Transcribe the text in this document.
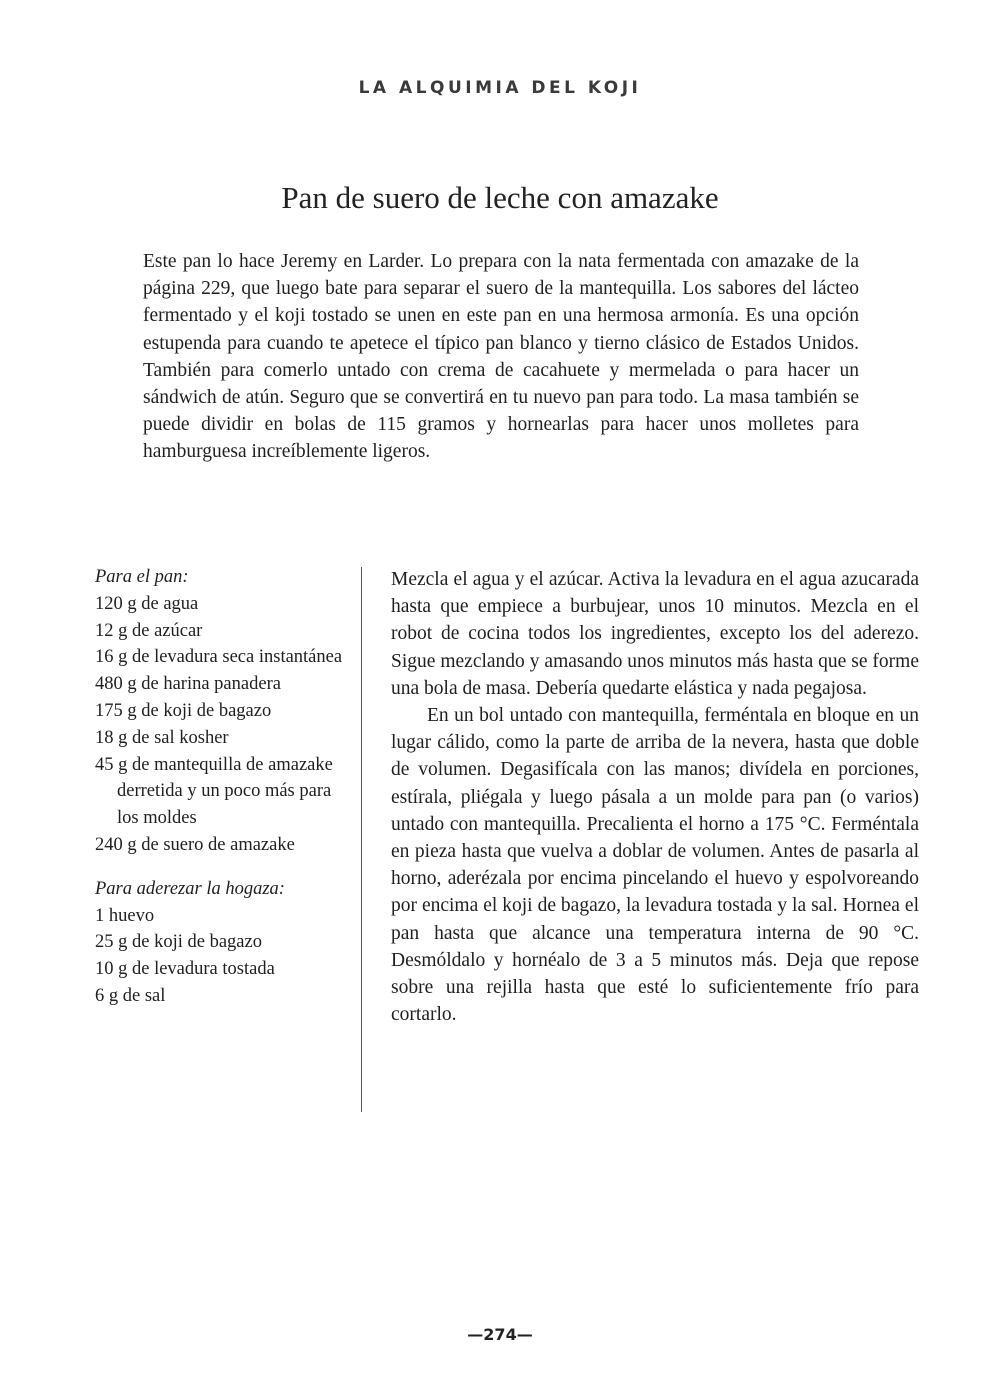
LA ALQUIMIA DEL KOJI
Pan de suero de leche con amazake

Este pan lo hace Jeremy en Larder. Lo prepara con la nata fermentada con amazake de la página 229, que luego bate para separar el suero de la mantequilla. Los sabores del lácteo fermentado y el koji tostado se unen en este pan en una hermosa armonía. Es una opción estupenda para cuando te apetece el típico pan blanco y tierno clásico de Estados Unidos. También para comerlo untado con crema de cacahuete y mermelada o para hacer un sándwich de atún. Seguro que se convertirá en tu nuevo pan para todo. La masa también se puede dividir en bolas de 115 gramos y hornearlas para hacer unos molletes para hamburguesa increíblemente ligeros.

Para el pan:

120 g de agua
12 g de azúcar
16 g de levadura seca instantánea
480 g de harina panadera
175 g de koji de bagazo
18 g de sal kosher
45 g de mantequilla de amazake derretida y un poco más para los moldes
240 g de suero de amazake

Para aderezar la hogaza:

1 huevo
25 g de koji de bagazo
10 g de levadura tostada
6 g de sal

Mezcla el agua y el azúcar. Activa la levadura en el agua azucarada hasta que empiece a burbujear, unos 10 minutos. Mezcla en el robot de cocina todos los ingredientes, excepto los del aderezo. Sigue mezclando y amasando unos minutos más hasta que se forme una bola de masa. Debería quedarte elástica y nada pegajosa.

En un bol untado con mantequilla, ferméntala en bloque en un lugar cálido, como la parte de arriba de la nevera, hasta que doble de volumen. Degasifícala con las manos; divídela en porciones, estírala, pliégala y luego pásala a un molde para pan (o varios) untado con mantequilla. Precalienta el horno a 175 °C. Ferméntala en pieza hasta que vuelva a doblar de volumen. Antes de pasarla al horno, aderézala por encima pincelando el huevo y espolvoreando por encima el koji de bagazo, la levadura tostada y la sal. Hornea el pan hasta que alcance una temperatura interna de 90 °C. Desmóldalo y hornéalo de 3 a 5 minutos más. Deja que repose sobre una rejilla hasta que esté lo suficientemente frío para cortarlo.

—274—
